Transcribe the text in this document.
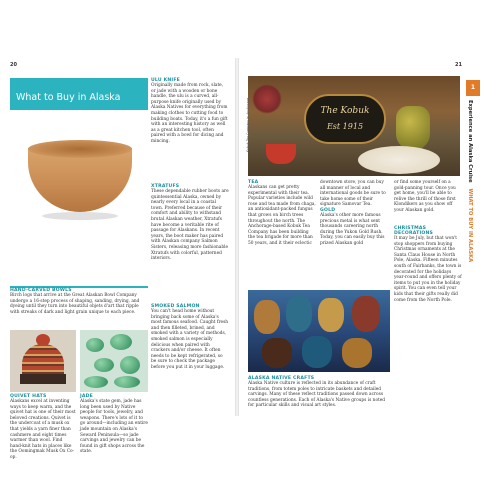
20
What to Buy in Alaska
HAND-CARVED BOWLS
Birch logs that arrive at the Great Alaskan Bowl Company undergo a 16-step process of shaping, sanding, drying, and dyeing until they turn into beautiful objets d'art that ripple with streaks of dark and light grain unique to each piece.
QUIVET HATS
Alaskans excel at inventing ways to keep warm, and the quivet hat is one of their most beloved creations. Quivet is the undercoat of a musk ox that yields a yarn finer than cashmere and eight times warmer than wool. Find hand-knit hats in places like the Oomingmak Musk Ox Co-op.
JADE
Alaska's state gem, jade has long been used by Native people for tools, jewelry, and weapons. There's lots of it to go around—including an entire jade mountain on Alaska's Seward Peninsula—so jade carvings and jewelry can be found in gift shops across the state.
ULU KNIFE
Originally made from rock, slate, or jade with a wooden or bone handle, the ulu is a curved, all-purpose knife originally used by Alaska Natives for everything from making clothes to cutting food to building boats. Today, it's a fun gift with an interesting history as well as a great kitchen tool, often paired with a bowl for dicing and mincing.
XTRATUFS
These dependable rubber boots are quintessential Alaska, owned by nearly every local in a coastal town. Preferred because of their comfort and ability to withstand brutal Alaskan weather, Xtratufs have become a veritable rite of passage for Alaskans. In recent years, the boot maker has paired with Alaskan company Salmon Sisters, releasing more fashionable Xtratufs with colorful, patterned interiors.
SMOKED SALMON
You can't head home without bringing back some of Alaska's most famous seafood. Caught fresh and then filleted, brined, and smoked with a variety of methods, smoked salmon is especially delicious when paired with crackers and/or cheese. It often needs to be kept refrigerated, so be sure to check the package before you put it in your luggage.
21
The Kobuk
Est 1915
TEA
Alaskans can get pretty experimental with their tea. Popular varieties include wild rose and tea made from chaga, an antioxidant-packed fungus that grows on birch trees throughout the north. The Anchorage-based Kobuk Tea Company has been building the tea brigade for more than 50 years, and it their eclectic
downtown store, you can buy all manner of local and international goods be sure to take home some of their signature Samovar Tea.
GOLD
Alaska's other more famous precious metal is what sent thousands careering north during the Yukon Gold Rush. Today, you can easily buy this prized Alaskan gold
or find some yourself on a gold-panning tour. Once you get home, you'll be able to relive the thrill of those first Klondikers as you show off your Alaskan gold.
CHRISTMAS DECORATIONS
It may be July, but that won't stop shoppers from buying Christmas ornaments at the Santa Claus House in North Pole, Alaska. Fifteen minutes south of Fairbanks, the town is decorated for the holidays year-round and offers plenty of items to put you in the holiday spirit. You can even tell your kids that their gifts really did come from the North Pole.
ALASKA NATIVE CRAFTS
Alaska Native culture is reflected in its abundance of craft traditions, from totem poles to intricate baskets and detailed carvings. Many of these reflect traditions passed down across countless generations. Each of Alaska's Native groups is noted for particular skills and visual art styles.
Kobuk Tea Company in Anchorage
1
Experience an Alaska Cruise WHAT TO BUY IN ALASKA
